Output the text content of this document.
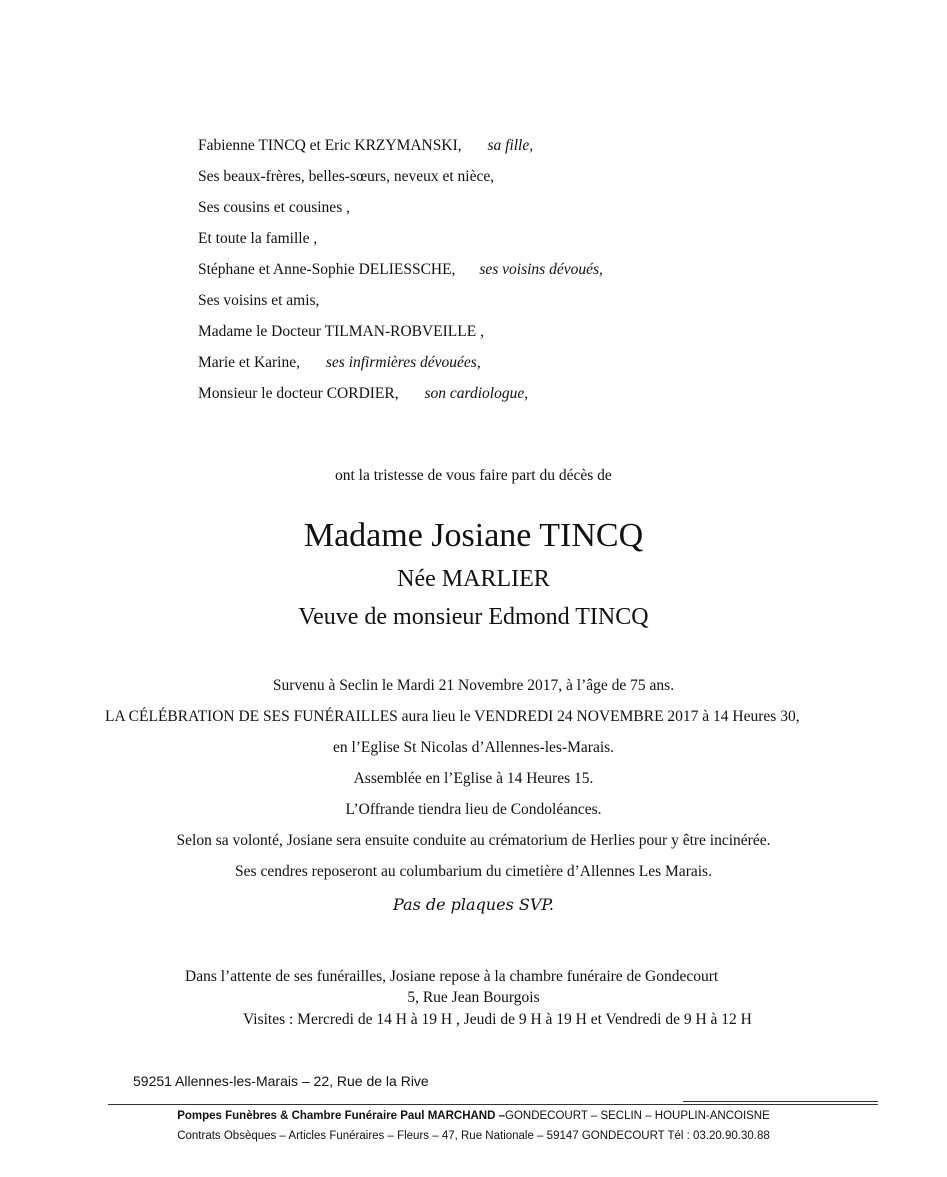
Fabienne TINCQ et Eric KRZYMANSKI, sa fille,
Ses beaux-frères, belles-sœurs, neveux et nièce,
Ses cousins et cousines ,
Et toute la famille ,
Stéphane et Anne-Sophie DELIESSCHE, ses voisins dévoués,
Ses voisins et amis,
Madame le Docteur TILMAN-ROBVEILLE ,
Marie et Karine, ses infirmières dévouées,
Monsieur le docteur CORDIER, son cardiologue,
ont la tristesse de vous faire part du décès de
Madame Josiane TINCQ
Née MARLIER
Veuve de monsieur Edmond TINCQ
Survenu à Seclin le Mardi 21 Novembre 2017, à l’âge de 75 ans.
LA CÉLÉBRATION DE SES FUNÉRAILLES aura lieu le VENDREDI 24 NOVEMBRE 2017 à 14 Heures 30,
en l’Eglise St Nicolas d’Allennes-les-Marais.
Assemblée en l’Eglise à 14 Heures 15.
L’Offrande tiendra lieu de Condoléances.
Selon sa volonté, Josiane sera ensuite conduite au crématorium de Herlies pour y être incinérée.
Ses cendres reposeront au columbarium du cimetière d’Allennes Les Marais.
Pas de plaques SVP.
Dans l’attente de ses funérailles, Josiane repose à la chambre funéraire de Gondecourt
5, Rue Jean Bourgois
Visites : Mercredi de 14 H à 19 H , Jeudi de 9 H à 19 H et Vendredi de 9 H à 12 H
59251 Allennes-les-Marais – 22, Rue de la Rive
Pompes Funèbres & Chambre Funéraire Paul MARCHAND –GONDECOURT – SECLIN – HOUPLIN-ANCOISNE
Contrats Obsèques – Articles Funéraires – Fleurs – 47, Rue Nationale – 59147 GONDECOURT Tél : 03.20.90.30.88
